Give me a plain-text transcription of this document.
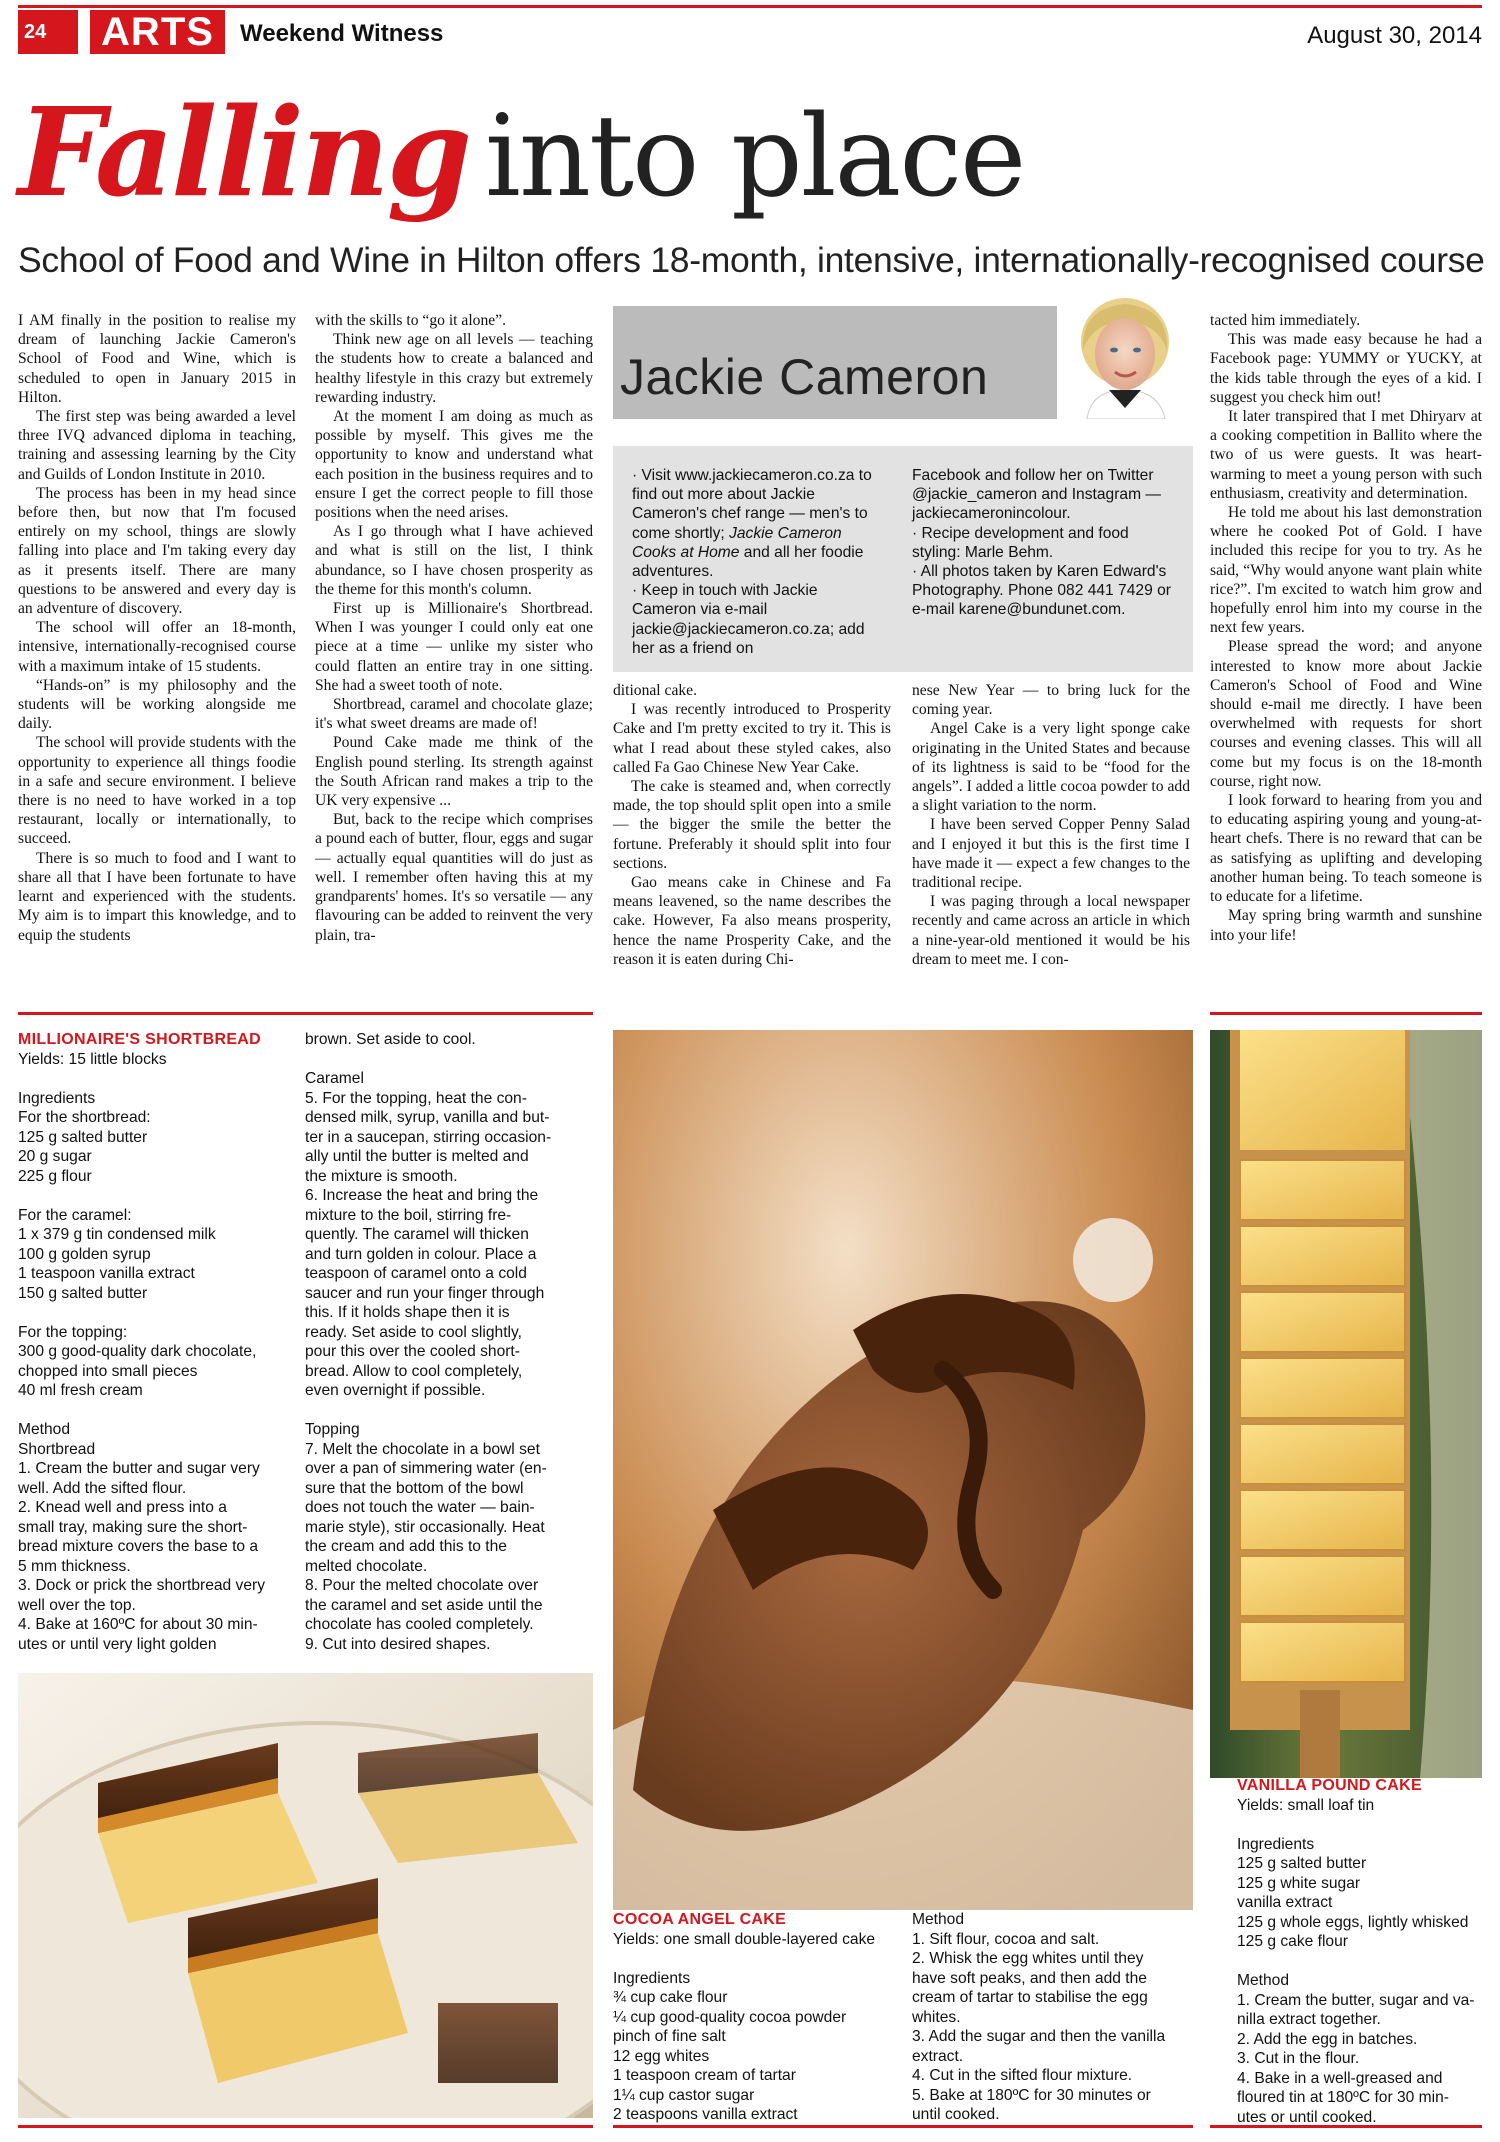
24	ARTS	Weekend Witness	August 30, 2014
Falling into place
School of Food and Wine in Hilton offers 18-month, intensive, internationally-recognised course

I AM finally in the position to realise my dream of launching Jackie Cameron's School of Food and Wine, which is scheduled to open in January 2015 in Hilton.

The first step was being awarded a level three IVQ advanced diploma in teaching, training and assessing learning by the City and Guilds of London Institute in 2010.

The process has been in my head since before then, but now that I'm focused entirely on my school, things are slowly falling into place and I'm taking every day as it presents itself. There are many questions to be answered and every day is an adventure of discovery.

The school will offer an 18-month, intensive, internationally-recognised course with a maximum intake of 15 students.

“Hands-on” is my philosophy and the students will be working alongside me daily.

The school will provide students with the opportunity to experience all things foodie in a safe and secure environment. I believe there is no need to have worked in a top restaurant, locally or internationally, to succeed.

There is so much to food and I want to share all that I have been fortunate to have learnt and experienced with the students. My aim is to impart this knowledge, and to equip the students

with the skills to “go it alone”.

Think new age on all levels — teaching the students how to create a balanced and healthy lifestyle in this crazy but extremely rewarding industry.

At the moment I am doing as much as possible by myself. This gives me the opportunity to know and understand what each position in the business requires and to ensure I get the correct people to fill those positions when the need arises.

As I go through what I have achieved and what is still on the list, I think abundance, so I have chosen prosperity as the theme for this month's column.

First up is Millionaire's Shortbread. When I was younger I could only eat one piece at a time — unlike my sister who could flatten an entire tray in one sitting. She had a sweet tooth of note.

Shortbread, caramel and chocolate glaze; it's what sweet dreams are made of!

Pound Cake made me think of the English pound sterling. Its strength against the South African rand makes a trip to the UK very expensive ...

But, back to the recipe which comprises a pound each of butter, flour, eggs and sugar — actually equal quantities will do just as well. I remember often having this at my grandparents' homes. It's so versatile — any flavouring can be added to reinvent the very plain, tra-

Jackie Cameron
· Visit www.jackiecameron.co.za to find out more about Jackie Cameron's chef range — men's to come shortly; Jackie Cameron Cooks at Home and all her foodie adventures.
· Keep in touch with Jackie Cameron via e-mail jackie@jackiecameron.co.za; add her as a friend on
Facebook and follow her on Twitter @jackie_cameron and Instagram — jackiecameronincolour.
· Recipe development and food styling: Marle Behm.
· All photos taken by Karen Edward's Photography. Phone 082 441 7429 or e-mail karene@bundunet.com.

ditional cake.

I was recently introduced to Prosperity Cake and I'm pretty excited to try it. This is what I read about these styled cakes, also called Fa Gao Chinese New Year Cake.

The cake is steamed and, when correctly made, the top should split open into a smile — the bigger the smile the better the fortune. Preferably it should split into four sections.

Gao means cake in Chinese and Fa means leavened, so the name describes the cake. However, Fa also means prosperity, hence the name Prosperity Cake, and the reason it is eaten during Chi-

nese New Year — to bring luck for the coming year.

Angel Cake is a very light sponge cake originating in the United States and because of its lightness is said to be “food for the angels”. I added a little cocoa powder to add a slight variation to the norm.

I have been served Copper Penny Salad and I enjoyed it but this is the first time I have made it — expect a few changes to the traditional recipe.

I was paging through a local newspaper recently and came across an article in which a nine-year-old mentioned it would be his dream to meet me. I con-

tacted him immediately.

This was made easy because he had a Facebook page: YUMMY or YUCKY, at the kids table through the eyes of a kid. I suggest you check him out!

It later transpired that I met Dhiryarv at a cooking competition in Ballito where the two of us were guests. It was heart-warming to meet a young person with such enthusiasm, creativity and determination.

He told me about his last demonstration where he cooked Pot of Gold. I have included this recipe for you to try. As he said, “Why would anyone want plain white rice?”. I'm excited to watch him grow and hopefully enrol him into my course in the next few years.

Please spread the word; and anyone interested to know more about Jackie Cameron's School of Food and Wine should e-mail me directly. I have been overwhelmed with requests for short courses and evening classes. This will all come but my focus is on the 18-month course, right now.

I look forward to hearing from you and to educating aspiring young and young-at-heart chefs. There is no reward that can be as satisfying as uplifting and developing another human being. To teach someone is to educate for a lifetime.

May spring bring warmth and sunshine into your life!

MILLIONAIRE'S SHORTBREAD
Yields: 15 little blocks
Ingredients
For the shortbread:
125 g salted butter
20 g sugar
225 g flour
For the caramel:
1 x 379 g tin condensed milk
100 g golden syrup
1 teaspoon vanilla extract
150 g salted butter
For the topping:
300 g good-quality dark chocolate,
chopped into small pieces
40 ml fresh cream
Method
Shortbread
1. Cream the butter and sugar very
well. Add the sifted flour.
2. Knead well and press into a
small tray, making sure the short-
bread mixture covers the base to a
5 mm thickness.
3. Dock or prick the shortbread very
well over the top.
4. Bake at 160ºC for about 30 min-
utes or until very light golden
brown. Set aside to cool.
Caramel
5. For the topping, heat the con-
densed milk, syrup, vanilla and but-
ter in a saucepan, stirring occasion-
ally until the butter is melted and
the mixture is smooth.
6. Increase the heat and bring the
mixture to the boil, stirring fre-
quently. The caramel will thicken
and turn golden in colour. Place a
teaspoon of caramel onto a cold
saucer and run your finger through
this. If it holds shape then it is
ready. Set aside to cool slightly,
pour this over the cooled short-
bread. Allow to cool completely,
even overnight if possible.
Topping
7. Melt the chocolate in a bowl set
over a pan of simmering water (en-
sure that the bottom of the bowl
does not touch the water — bain-
marie style), stir occasionally. Heat
the cream and add this to the
melted chocolate.
8. Pour the melted chocolate over
the caramel and set aside until the
chocolate has cooled completely.
9. Cut into desired shapes.
COCOA ANGEL CAKE
Yields: one small double-layered cake
Ingredients
¾ cup cake flour
¼ cup good-quality cocoa powder
pinch of fine salt
12 egg whites
1 teaspoon cream of tartar
1¼ cup castor sugar
2 teaspoons vanilla extract
Method
1. Sift flour, cocoa and salt.
2. Whisk the egg whites until they
have soft peaks, and then add the
cream of tartar to stabilise the egg
whites.
3. Add the sugar and then the vanilla
extract.
4. Cut in the sifted flour mixture.
5. Bake at 180ºC for 30 minutes or
until cooked.
VANILLA POUND CAKE
Yields: small loaf tin
Ingredients
125 g salted butter
125 g white sugar
vanilla extract
125 g whole eggs, lightly whisked
125 g cake flour
Method
1. Cream the butter, sugar and va-
nilla extract together.
2. Add the egg in batches.
3. Cut in the flour.
4. Bake in a well-greased and
floured tin at 180ºC for 30 min-
utes or until cooked.
